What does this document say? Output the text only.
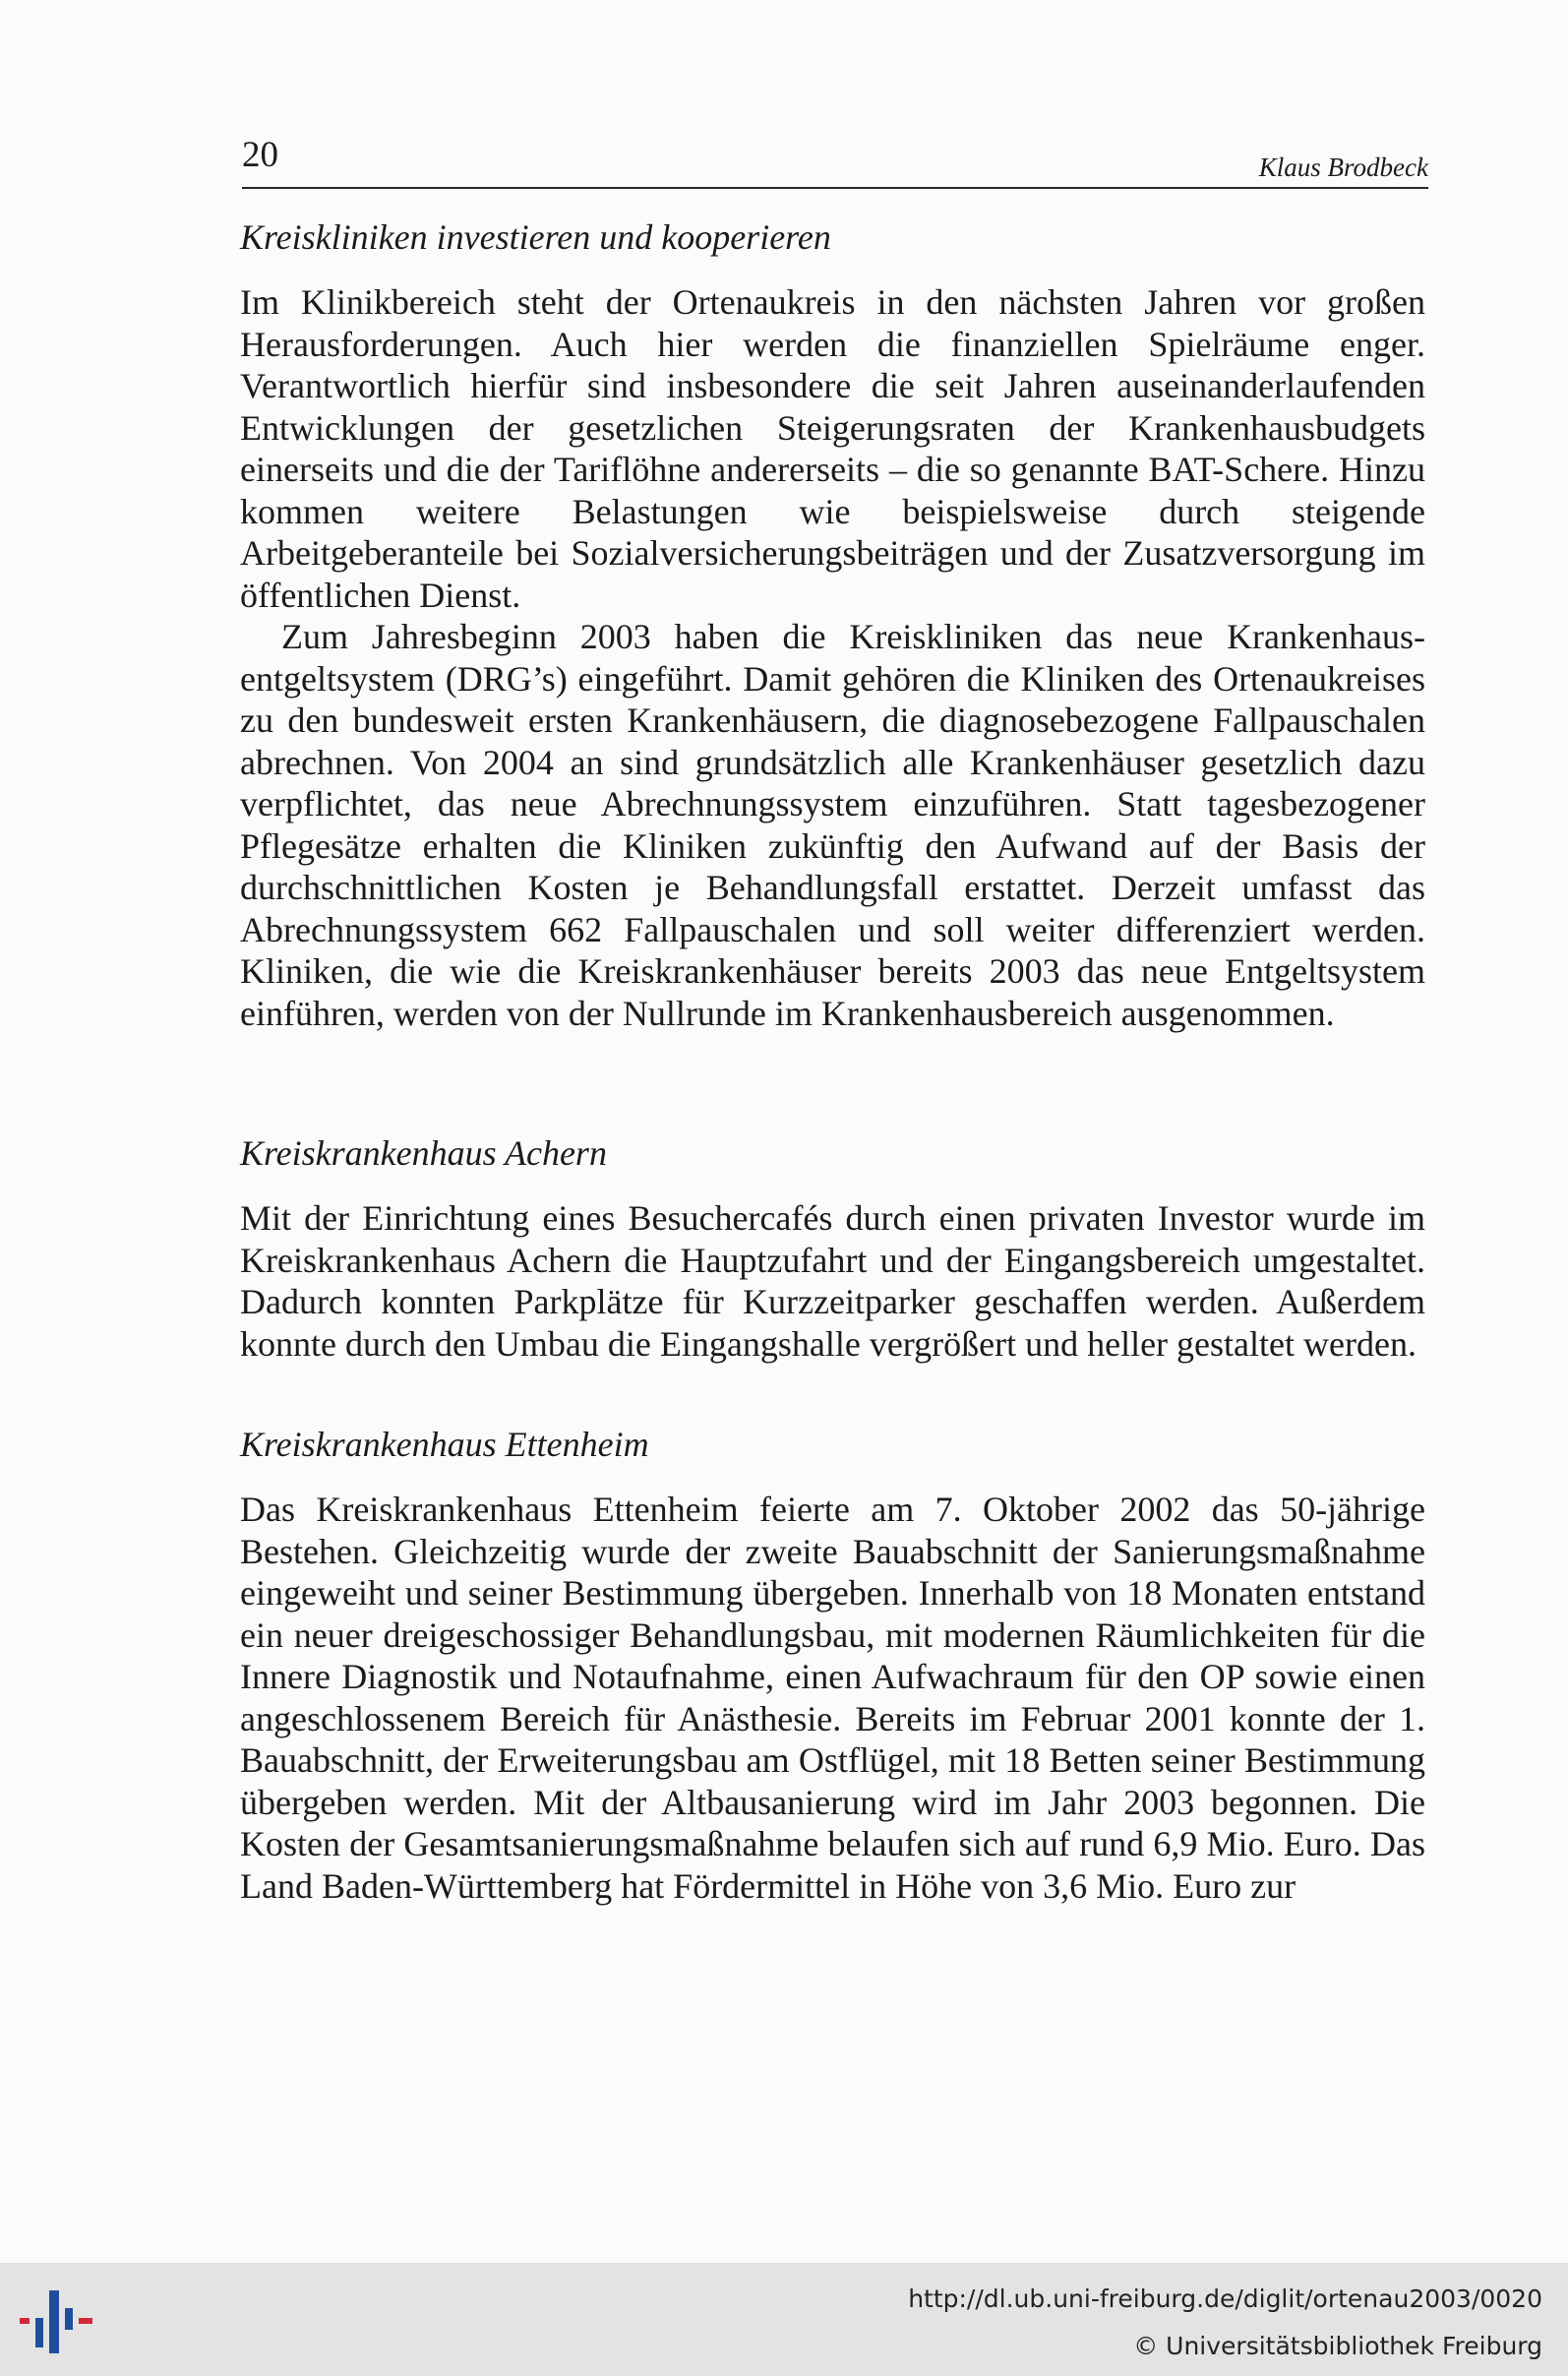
20	Klaus Brodbeck
Kreiskliniken investieren und kooperieren

Im Klinikbereich steht der Ortenaukreis in den nächsten Jahren vor großen Herausforderungen. Auch hier werden die finanziellen Spielräume enger. Verantwortlich hierfür sind insbesondere die seit Jahren auseinanderlaufenden Entwicklungen der gesetzlichen Steigerungsraten der Krankenhausbudgets einerseits und die der Tariflöhne andererseits – die so genannte BAT-Schere. Hinzu kommen weitere Belastungen wie beispielsweise durch steigende Arbeitgeberanteile bei Sozialversicherungsbeiträgen und der Zusatzversorgung im öffentlichen Dienst.

Zum Jahresbeginn 2003 haben die Kreiskliniken das neue Krankenhausentgeltsystem (DRG’s) eingeführt. Damit gehören die Kliniken des Ortenaukreises zu den bundesweit ersten Krankenhäusern, die diagnosebezogene Fallpauschalen abrechnen. Von 2004 an sind grundsätzlich alle Krankenhäuser gesetzlich dazu verpflichtet, das neue Abrechnungssystem einzuführen. Statt tagesbezogener Pflegesätze erhalten die Kliniken zukünftig den Aufwand auf der Basis der durchschnittlichen Kosten je Behandlungsfall erstattet. Derzeit umfasst das Abrechnungssystem 662 Fallpauschalen und soll weiter differenziert werden. Kliniken, die wie die Kreiskrankenhäuser bereits 2003 das neue Entgeltsystem einführen, werden von der Nullrunde im Krankenhausbereich ausgenommen.

Kreiskrankenhaus Achern

Mit der Einrichtung eines Besuchercafés durch einen privaten Investor wurde im Kreiskrankenhaus Achern die Hauptzufahrt und der Eingangsbereich umgestaltet. Dadurch konnten Parkplätze für Kurzzeitparker geschaffen werden. Außerdem konnte durch den Umbau die Eingangshalle vergrößert und heller gestaltet werden.

Kreiskrankenhaus Ettenheim

Das Kreiskrankenhaus Ettenheim feierte am 7. Oktober 2002 das 50-jährige Bestehen. Gleichzeitig wurde der zweite Bauabschnitt der Sanierungsmaßnahme eingeweiht und seiner Bestimmung übergeben. Innerhalb von 18 Monaten entstand ein neuer dreigeschossiger Behandlungsbau, mit modernen Räumlichkeiten für die Innere Diagnostik und Notaufnahme, einen Aufwachraum für den OP sowie einen angeschlossenem Bereich für Anästhesie. Bereits im Februar 2001 konnte der 1. Bauabschnitt, der Erweiterungsbau am Ostflügel, mit 18 Betten seiner Bestimmung übergeben werden. Mit der Altbausanierung wird im Jahr 2003 begonnen. Die Kosten der Gesamtsanierungsmaßnahme belaufen sich auf rund 6,9 Mio. Euro. Das Land Baden-Württemberg hat Fördermittel in Höhe von 3,6 Mio. Euro zur

http://dl.ub.uni-freiburg.de/diglit/ortenau2003/0020
© Universitätsbibliothek Freiburg
